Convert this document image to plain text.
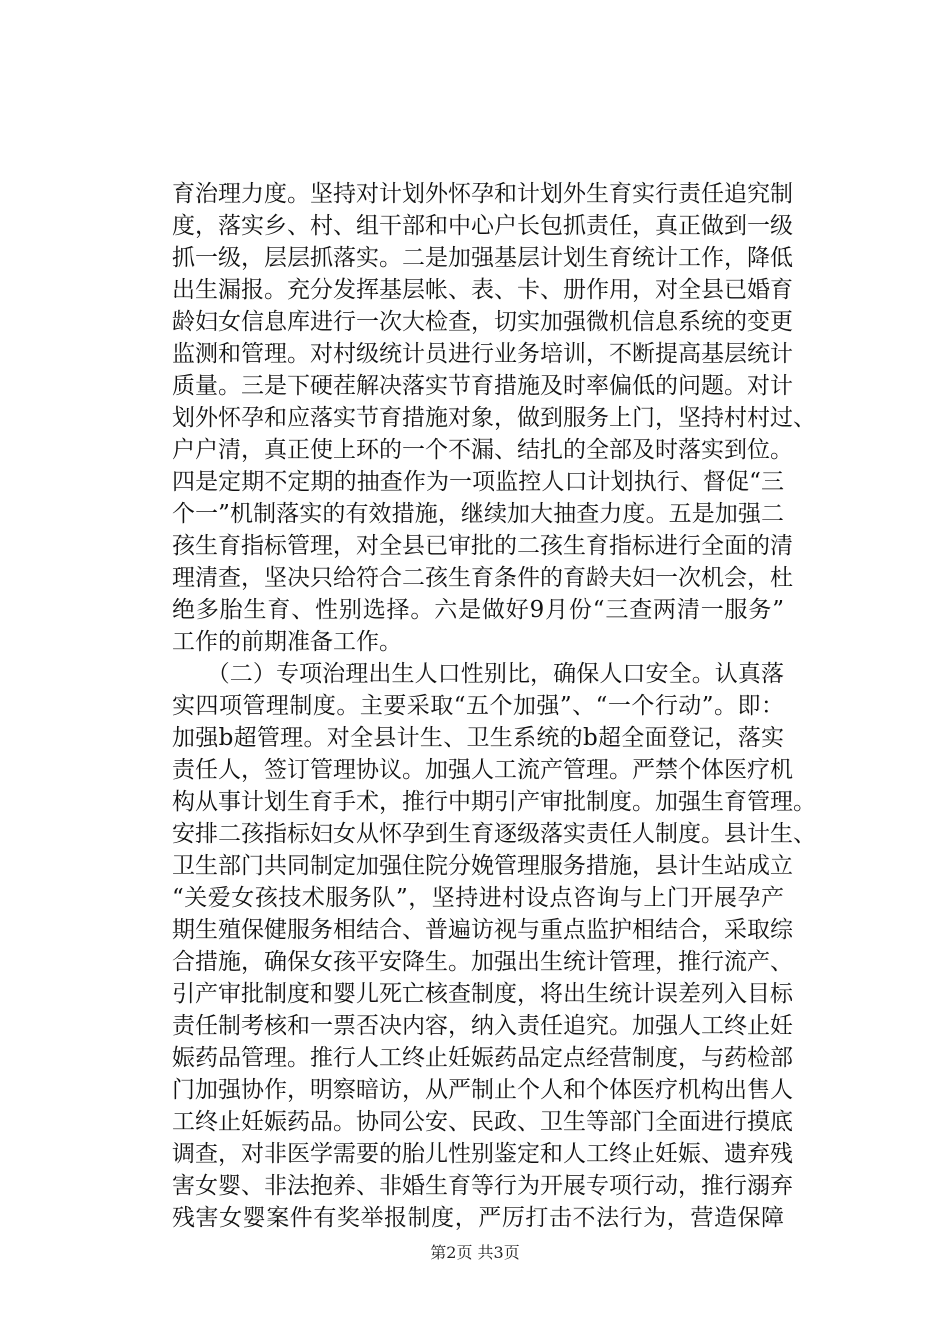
育治理力度。坚持对计划外怀孕和计划外生育实行责任追究制
度，落实乡、村、组干部和中心户长包抓责任，真正做到一级
抓一级，层层抓落实。二是加强基层计划生育统计工作，降低
出生漏报。充分发挥基层帐、表、卡、册作用，对全县已婚育
龄妇女信息库进行一次大检查，切实加强微机信息系统的变更
监测和管理。对村级统计员进行业务培训，不断提高基层统计
质量。三是下硬茬解决落实节育措施及时率偏低的问题。对计
划外怀孕和应落实节育措施对象，做到服务上门，坚持村村过、
户户清，真正使上环的一个不漏、结扎的全部及时落实到位。
四是定期不定期的抽查作为一项监控人口计划执行、督促“三
个一”机制落实的有效措施，继续加大抽查力度。五是加强二
孩生育指标管理，对全县已审批的二孩生育指标进行全面的清
理清查，坚决只给符合二孩生育条件的育龄夫妇一次机会，杜
绝多胎生育、性别选择。六是做好9月份“三查两清一服务”
工作的前期准备工作。
　　（二）专项治理出生人口性别比，确保人口安全。认真落
实四项管理制度。主要采取“五个加强”、“一个行动”。即：
加强b超管理。对全县计生、卫生系统的b超全面登记，落实
责任人，签订管理协议。加强人工流产管理。严禁个体医疗机
构从事计划生育手术，推行中期引产审批制度。加强生育管理。
安排二孩指标妇女从怀孕到生育逐级落实责任人制度。县计生、
卫生部门共同制定加强住院分娩管理服务措施，县计生站成立
“关爱女孩技术服务队”，坚持进村设点咨询与上门开展孕产
期生殖保健服务相结合、普遍访视与重点监护相结合，采取综
合措施，确保女孩平安降生。加强出生统计管理，推行流产、
引产审批制度和婴儿死亡核查制度，将出生统计误差列入目标
责任制考核和一票否决内容，纳入责任追究。加强人工终止妊
娠药品管理。推行人工终止妊娠药品定点经营制度，与药检部
门加强协作，明察暗访，从严制止个人和个体医疗机构出售人
工终止妊娠药品。协同公安、民政、卫生等部门全面进行摸底
调查，对非医学需要的胎儿性别鉴定和人工终止妊娠、遗弃残
害女婴、非法抱养、非婚生育等行为开展专项行动，推行溺弃
残害女婴案件有奖举报制度，严厉打击不法行为，营造保障
第2页 共3页
